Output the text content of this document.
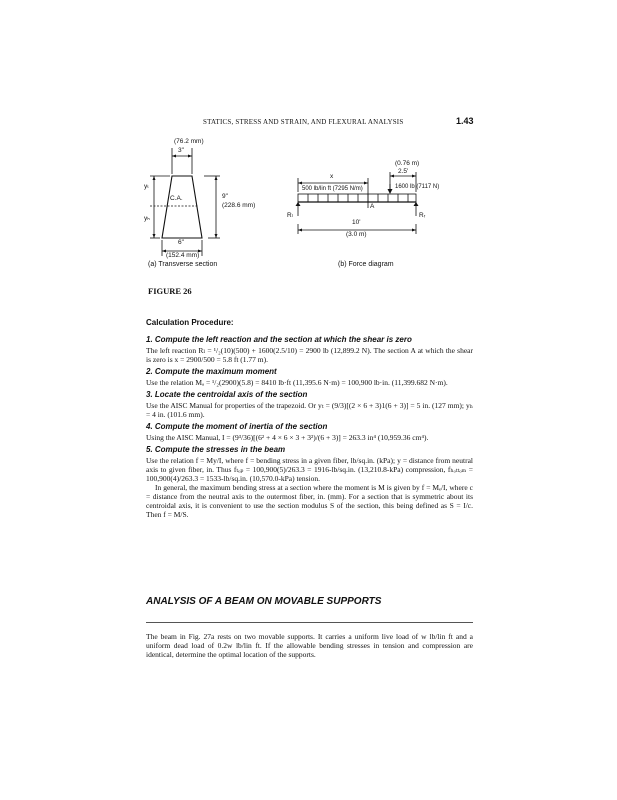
STATICS, STRESS AND STRAIN, AND FLEXURAL ANALYSIS	1.43
(76.2 mm)
3"
yₜ
yₕ
C.A.	9"
(228.6 mm)
6"
(152.4 mm)
(a) Transverse section
x
(0.76 m)
2.5'
500 lb/lin ft (7295 N/m)	1600 lb (7117 N)
A
Rₗ	Rᵣ
10'
(3.0 m)
(b) Force diagram
FIGURE 26
Calculation Procedure:
1. Compute the left reaction and the section at which the shear is zero

The left reaction Rₗ = ¹/₂(10)(500) + 1600(2.5/10) = 2900 lb (12,899.2 N). The section A at which the shear is zero is x = 2900/500 = 5.8 ft (1.77 m).

2. Compute the maximum moment

Use the relation Mₐ = ¹/₂(2900)(5.8) = 8410 lb·ft (11,395.6 N·m) = 100,900 lb·in. (11,399.682 N·m).

3. Locate the centroidal axis of the section

Use the AISC Manual for properties of the trapezoid. Or yₜ = (9/3)[(2 × 6 + 3)1(6 + 3)] = 5 in. (127 mm); yₕ = 4 in. (101.6 mm).

4. Compute the moment of inertia of the section

Using the AISC Manual, I = (9³/36)[(6² + 4 × 6 × 3 + 3²)/(6 + 3)] = 263.3 in⁴ (10,959.36 cm⁴).

5. Compute the stresses in the beam

Use the relation f = My/I, where f = bending stress in a given fiber, lb/sq.in. (kPa); y = distance from neutral axis to given fiber, in. Thus fₜₒₚ = 100,900(5)/263.3 = 1916-lb/sq.in. (13,210.8-kPa) compression, fₕₒₜₜₒₘ = 100,900(4)/263.3 = 1533-lb/sq.in. (10,570.0-kPa) tension.

In general, the maximum bending stress at a section where the moment is M is given by f = Mₑ/I, where c = distance from the neutral axis to the outermost fiber, in. (mm). For a section that is symmetric about its centroidal axis, it is convenient to use the section modulus S of the section, this being defined as S = I/c. Then f = M/S.

ANALYSIS OF A BEAM ON MOVABLE SUPPORTS

The beam in Fig. 27a rests on two movable supports. It carries a uniform live load of w lb/lin ft and a uniform dead load of 0.2w lb/lin ft. If the allowable bending stresses in tension and compression are identical, determine the optimal location of the supports.
